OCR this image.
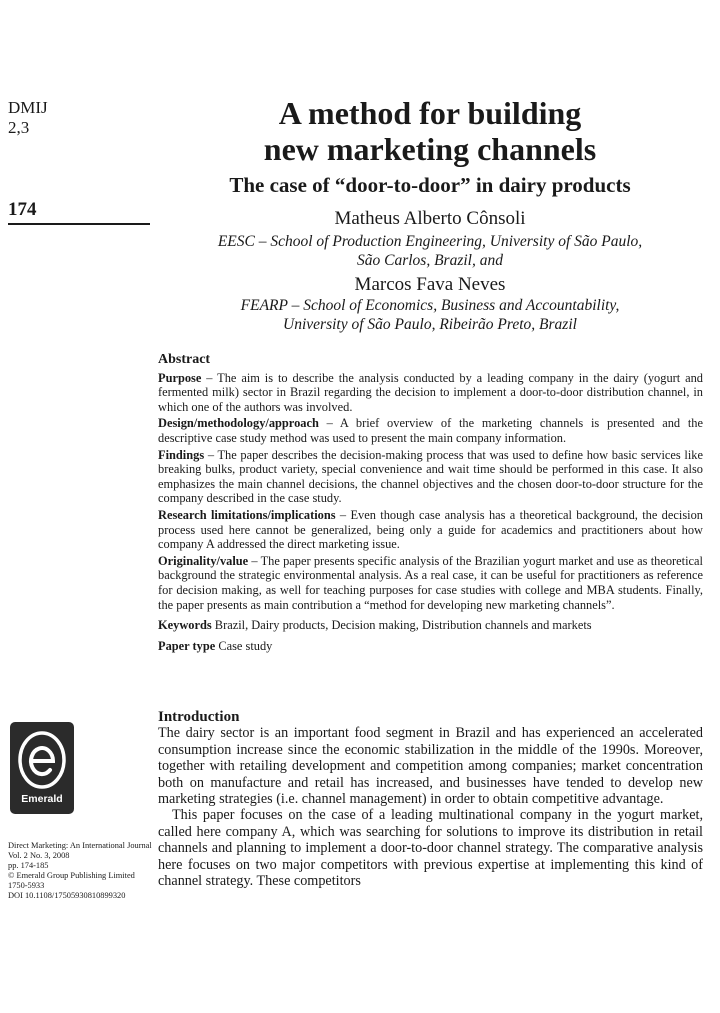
DMIJ
2,3
174
A method for building
new marketing channels
The case of “door-to-door” in dairy products
Matheus Alberto Cônsoli
EESC – School of Production Engineering, University of São Paulo,
São Carlos, Brazil, and
Marcos Fava Neves
FEARP – School of Economics, Business and Accountability,
University of São Paulo, Ribeirão Preto, Brazil
Abstract

Purpose – The aim is to describe the analysis conducted by a leading company in the dairy (yogurt and fermented milk) sector in Brazil regarding the decision to implement a door-to-door distribution channel, in which one of the authors was involved.

Design/methodology/approach – A brief overview of the marketing channels is presented and the descriptive case study method was used to present the main company information.

Findings – The paper describes the decision-making process that was used to define how basic services like breaking bulks, product variety, special convenience and wait time should be performed in this case. It also emphasizes the main channel decisions, the channel objectives and the chosen door-to-door structure for the company described in the case study.

Research limitations/implications – Even though case analysis has a theoretical background, the decision process used here cannot be generalized, being only a guide for academics and practitioners about how company A addressed the direct marketing issue.

Originality/value – The paper presents specific analysis of the Brazilian yogurt market and use as theoretical background the strategic environmental analysis. As a real case, it can be useful for practitioners as reference for decision making, as well for teaching purposes for case studies with college and MBA students. Finally, the paper presents as main contribution a “method for developing new marketing channels”.

Keywords Brazil, Dairy products, Decision making, Distribution channels and markets

Paper type Case study

Introduction

The dairy sector is an important food segment in Brazil and has experienced an accelerated consumption increase since the economic stabilization in the middle of the 1990s. Moreover, together with retailing development and competition among companies; market concentration both on manufacture and retail has increased, and businesses have tended to develop new marketing strategies (i.e. channel management) in order to obtain competitive advantage.

This paper focuses on the case of a leading multinational company in the yogurt market, called here company A, which was searching for solutions to improve its distribution in retail channels and planning to implement a door-to-door channel strategy. The comparative analysis here focuses on two major competitors with previous expertise at implementing this kind of channel strategy. These competitors

Emerald
Direct Marketing: An International Journal
Vol. 2 No. 3, 2008
pp. 174-185
© Emerald Group Publishing Limited
1750-5933
DOI 10.1108/17505930810899320
